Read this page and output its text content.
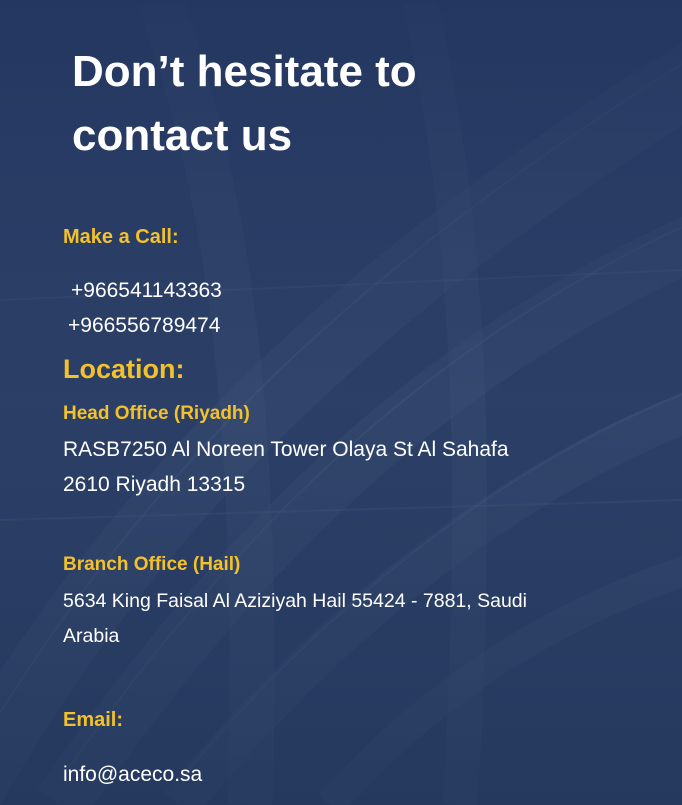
Don’t hesitate to
contact us

Make a Call:

+966541143363
+966556789474

Location:

Head Office (Riyadh)

RASB7250 Al Noreen Tower Olaya St Al Sahafa

2610 Riyadh 13315

Branch Office (Hail)

5634 King Faisal Al Aziziyah Hail 55424 - 7881, Saudi

Arabia

Email:

info@aceco.sa
